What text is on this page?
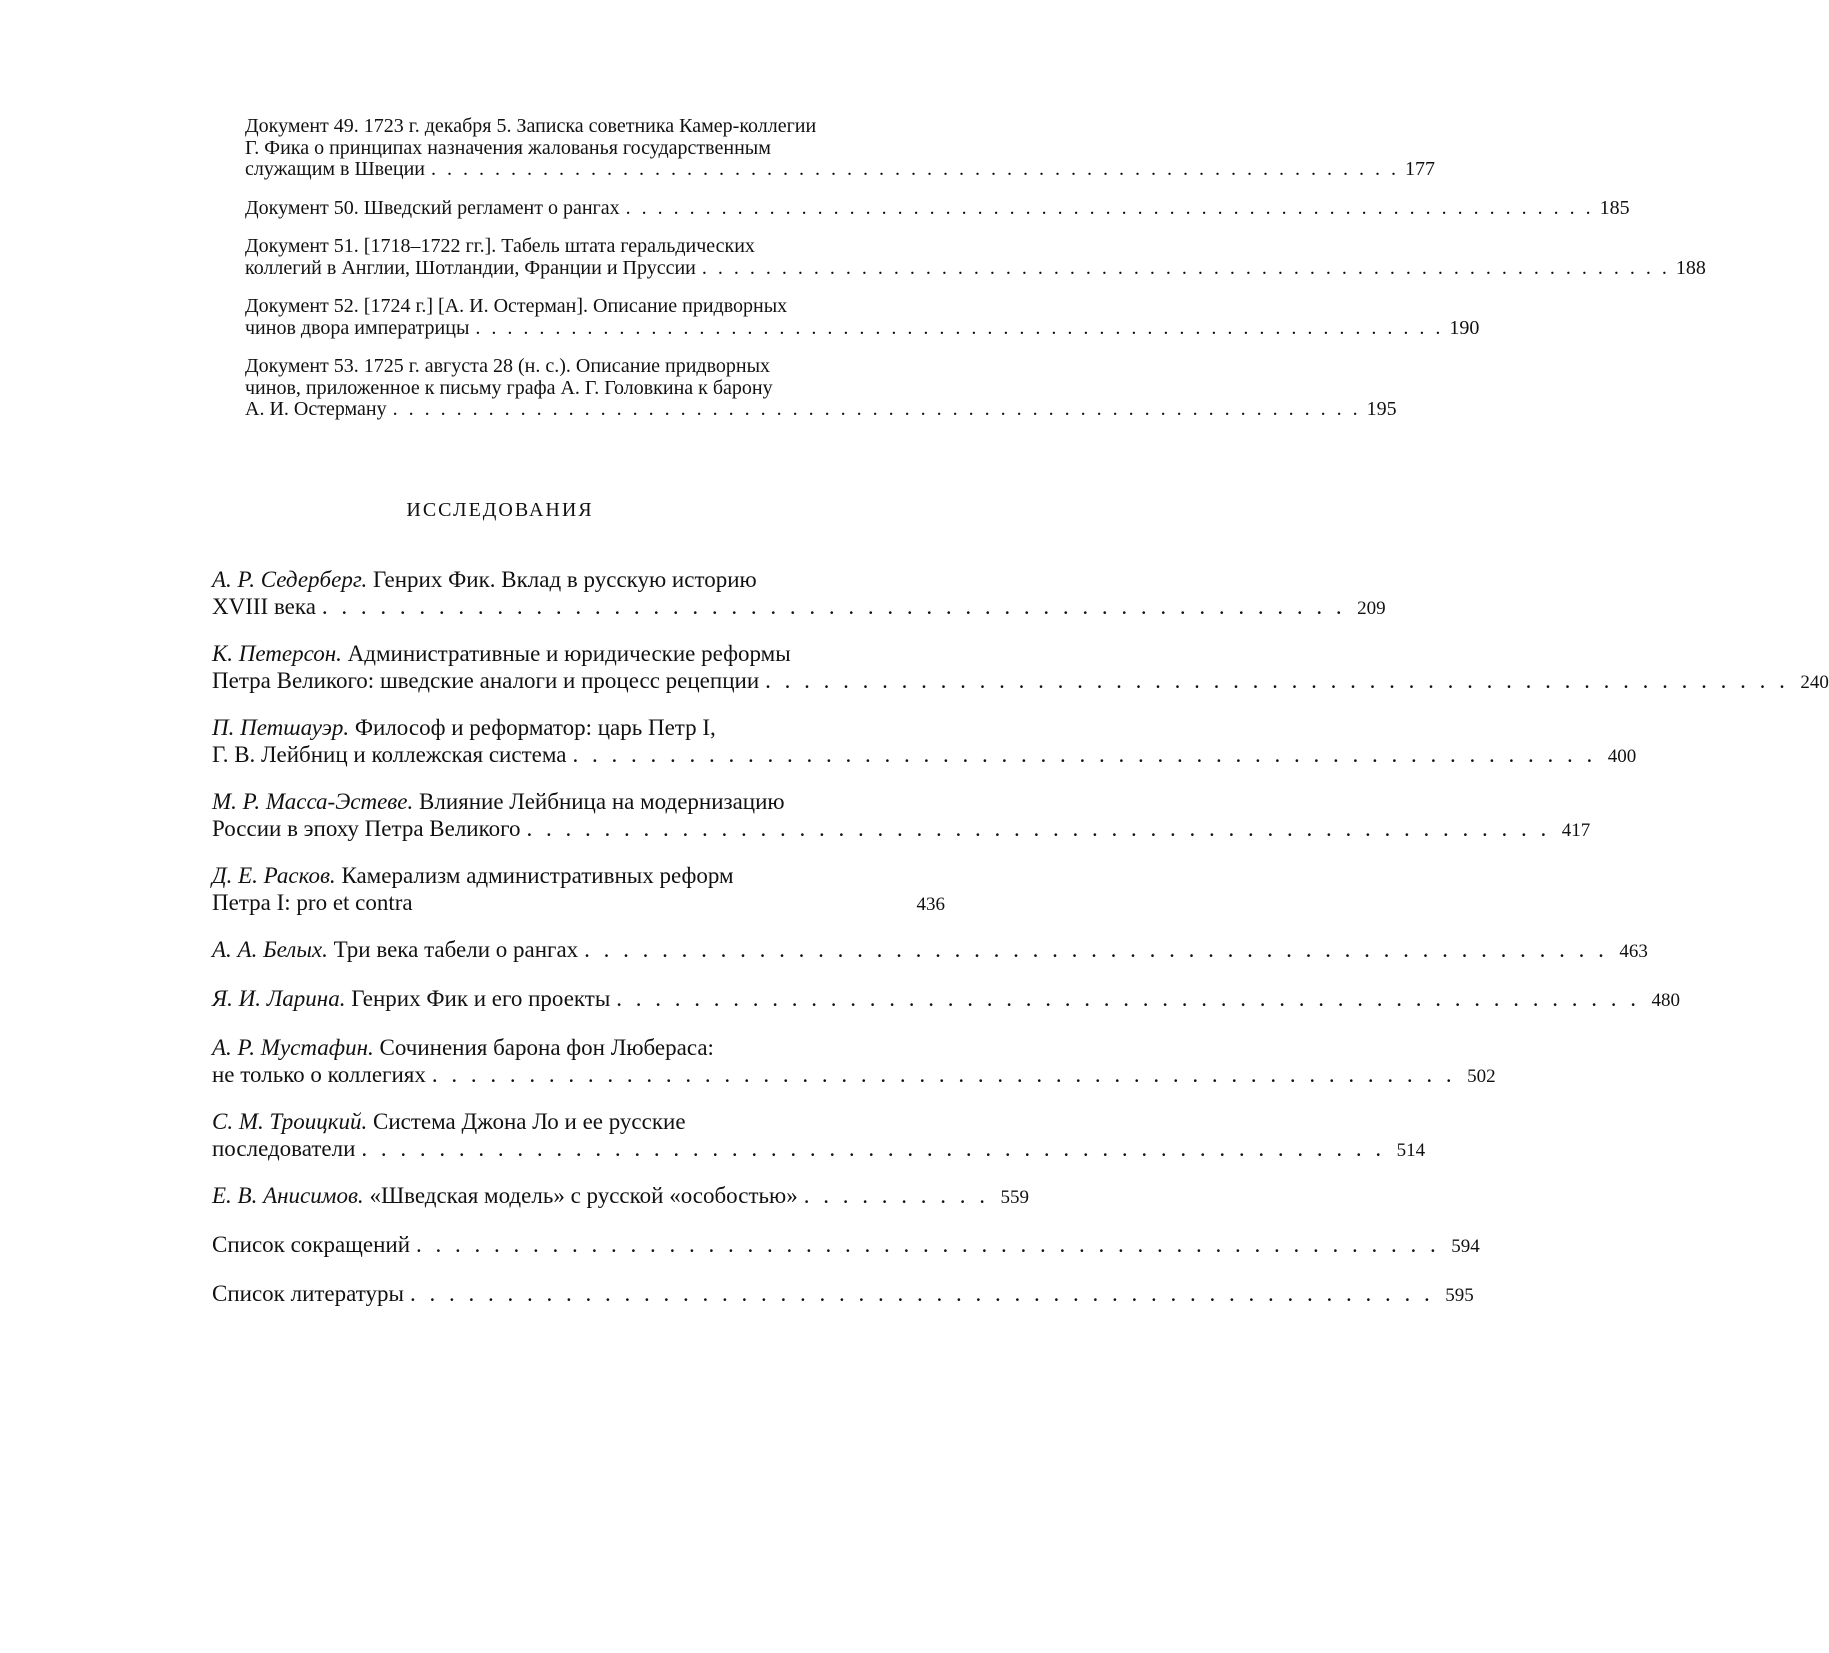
Документ 49. 1723 г. декабря 5. Записка советника Камер-коллегии
Г. Фика о принципах назначения жалованья государственным
служащим в Швеции . . . . . . . . . . . . . . . . . . . . . . . . . . . . . . . . . . . . . . . . . . . . . . . . . . . . . . . . . . . . . 177
Документ 50. Шведский регламент о рангах . . . . . . . . . . . . . . . . . . . . . . . . . . . . . . . . . . . . . . . . . . . . . . . . . . . . . . . . . . . . . 185
Документ 51. [1718–1722 гг.]. Табель штата геральдических
коллегий в Англии, Шотландии, Франции и Пруссии . . . . . . . . . . . . . . . . . . . . . . . . . . . . . . . . . . . . . . . . . . . . . . . . . . . . . . . . . . . . . 188
Документ 52. [1724 г.] [А. И. Остерман]. Описание придворных
чинов двора императрицы . . . . . . . . . . . . . . . . . . . . . . . . . . . . . . . . . . . . . . . . . . . . . . . . . . . . . . . . . . . . . 190
Документ 53. 1725 г. августа 28 (н. с.). Описание придворных
чинов, приложенное к письму графа А. Г. Головкина к барону
А. И. Остерману . . . . . . . . . . . . . . . . . . . . . . . . . . . . . . . . . . . . . . . . . . . . . . . . . . . . . . . . . . . . . 195
ИССЛЕДОВАНИЯ
А. Р. Седерберг. Генрих Фик. Вклад в русскую историю
XVIII века . . . . . . . . . . . . . . . . . . . . . . . . . . . . . . . . . . . . . . . . . . . . . . . . . . . . . 209
К. Петерсон. Административные и юридические реформы
Петра Великого: шведские аналоги и процесс рецепции . . . . . . . . . . . . . . . . . . . . . . . . . . . . . . . . . . . . . . . . . . . . . . . . . . . . . 240
П. Петшауэр. Философ и реформатор: царь Петр I,
Г. В. Лейбниц и коллежская система . . . . . . . . . . . . . . . . . . . . . . . . . . . . . . . . . . . . . . . . . . . . . . . . . . . . . 400
М. Р. Масса-Эстеве. Влияние Лейбница на модернизацию
России в эпоху Петра Великого . . . . . . . . . . . . . . . . . . . . . . . . . . . . . . . . . . . . . . . . . . . . . . . . . . . . . 417
Д. Е. Расков. Камерализм административных реформ
Петра I: pro et contra	436
А. А. Белых. Три века табели о рангах . . . . . . . . . . . . . . . . . . . . . . . . . . . . . . . . . . . . . . . . . . . . . . . . . . . . . 463
Я. И. Ларина. Генрих Фик и его проекты . . . . . . . . . . . . . . . . . . . . . . . . . . . . . . . . . . . . . . . . . . . . . . . . . . . . . 480
А. Р. Мустафин. Сочинения барона фон Любераса:
не только о коллегиях . . . . . . . . . . . . . . . . . . . . . . . . . . . . . . . . . . . . . . . . . . . . . . . . . . . . . 502
С. М. Троицкий. Система Джона Ло и ее русские
последователи . . . . . . . . . . . . . . . . . . . . . . . . . . . . . . . . . . . . . . . . . . . . . . . . . . . . . 514
Е. В. Анисимов. «Шведская модель» с русской «особостью» . . . . . . . . . . 559
Список сокращений . . . . . . . . . . . . . . . . . . . . . . . . . . . . . . . . . . . . . . . . . . . . . . . . . . . . . 594
Список литературы . . . . . . . . . . . . . . . . . . . . . . . . . . . . . . . . . . . . . . . . . . . . . . . . . . . . . 595
